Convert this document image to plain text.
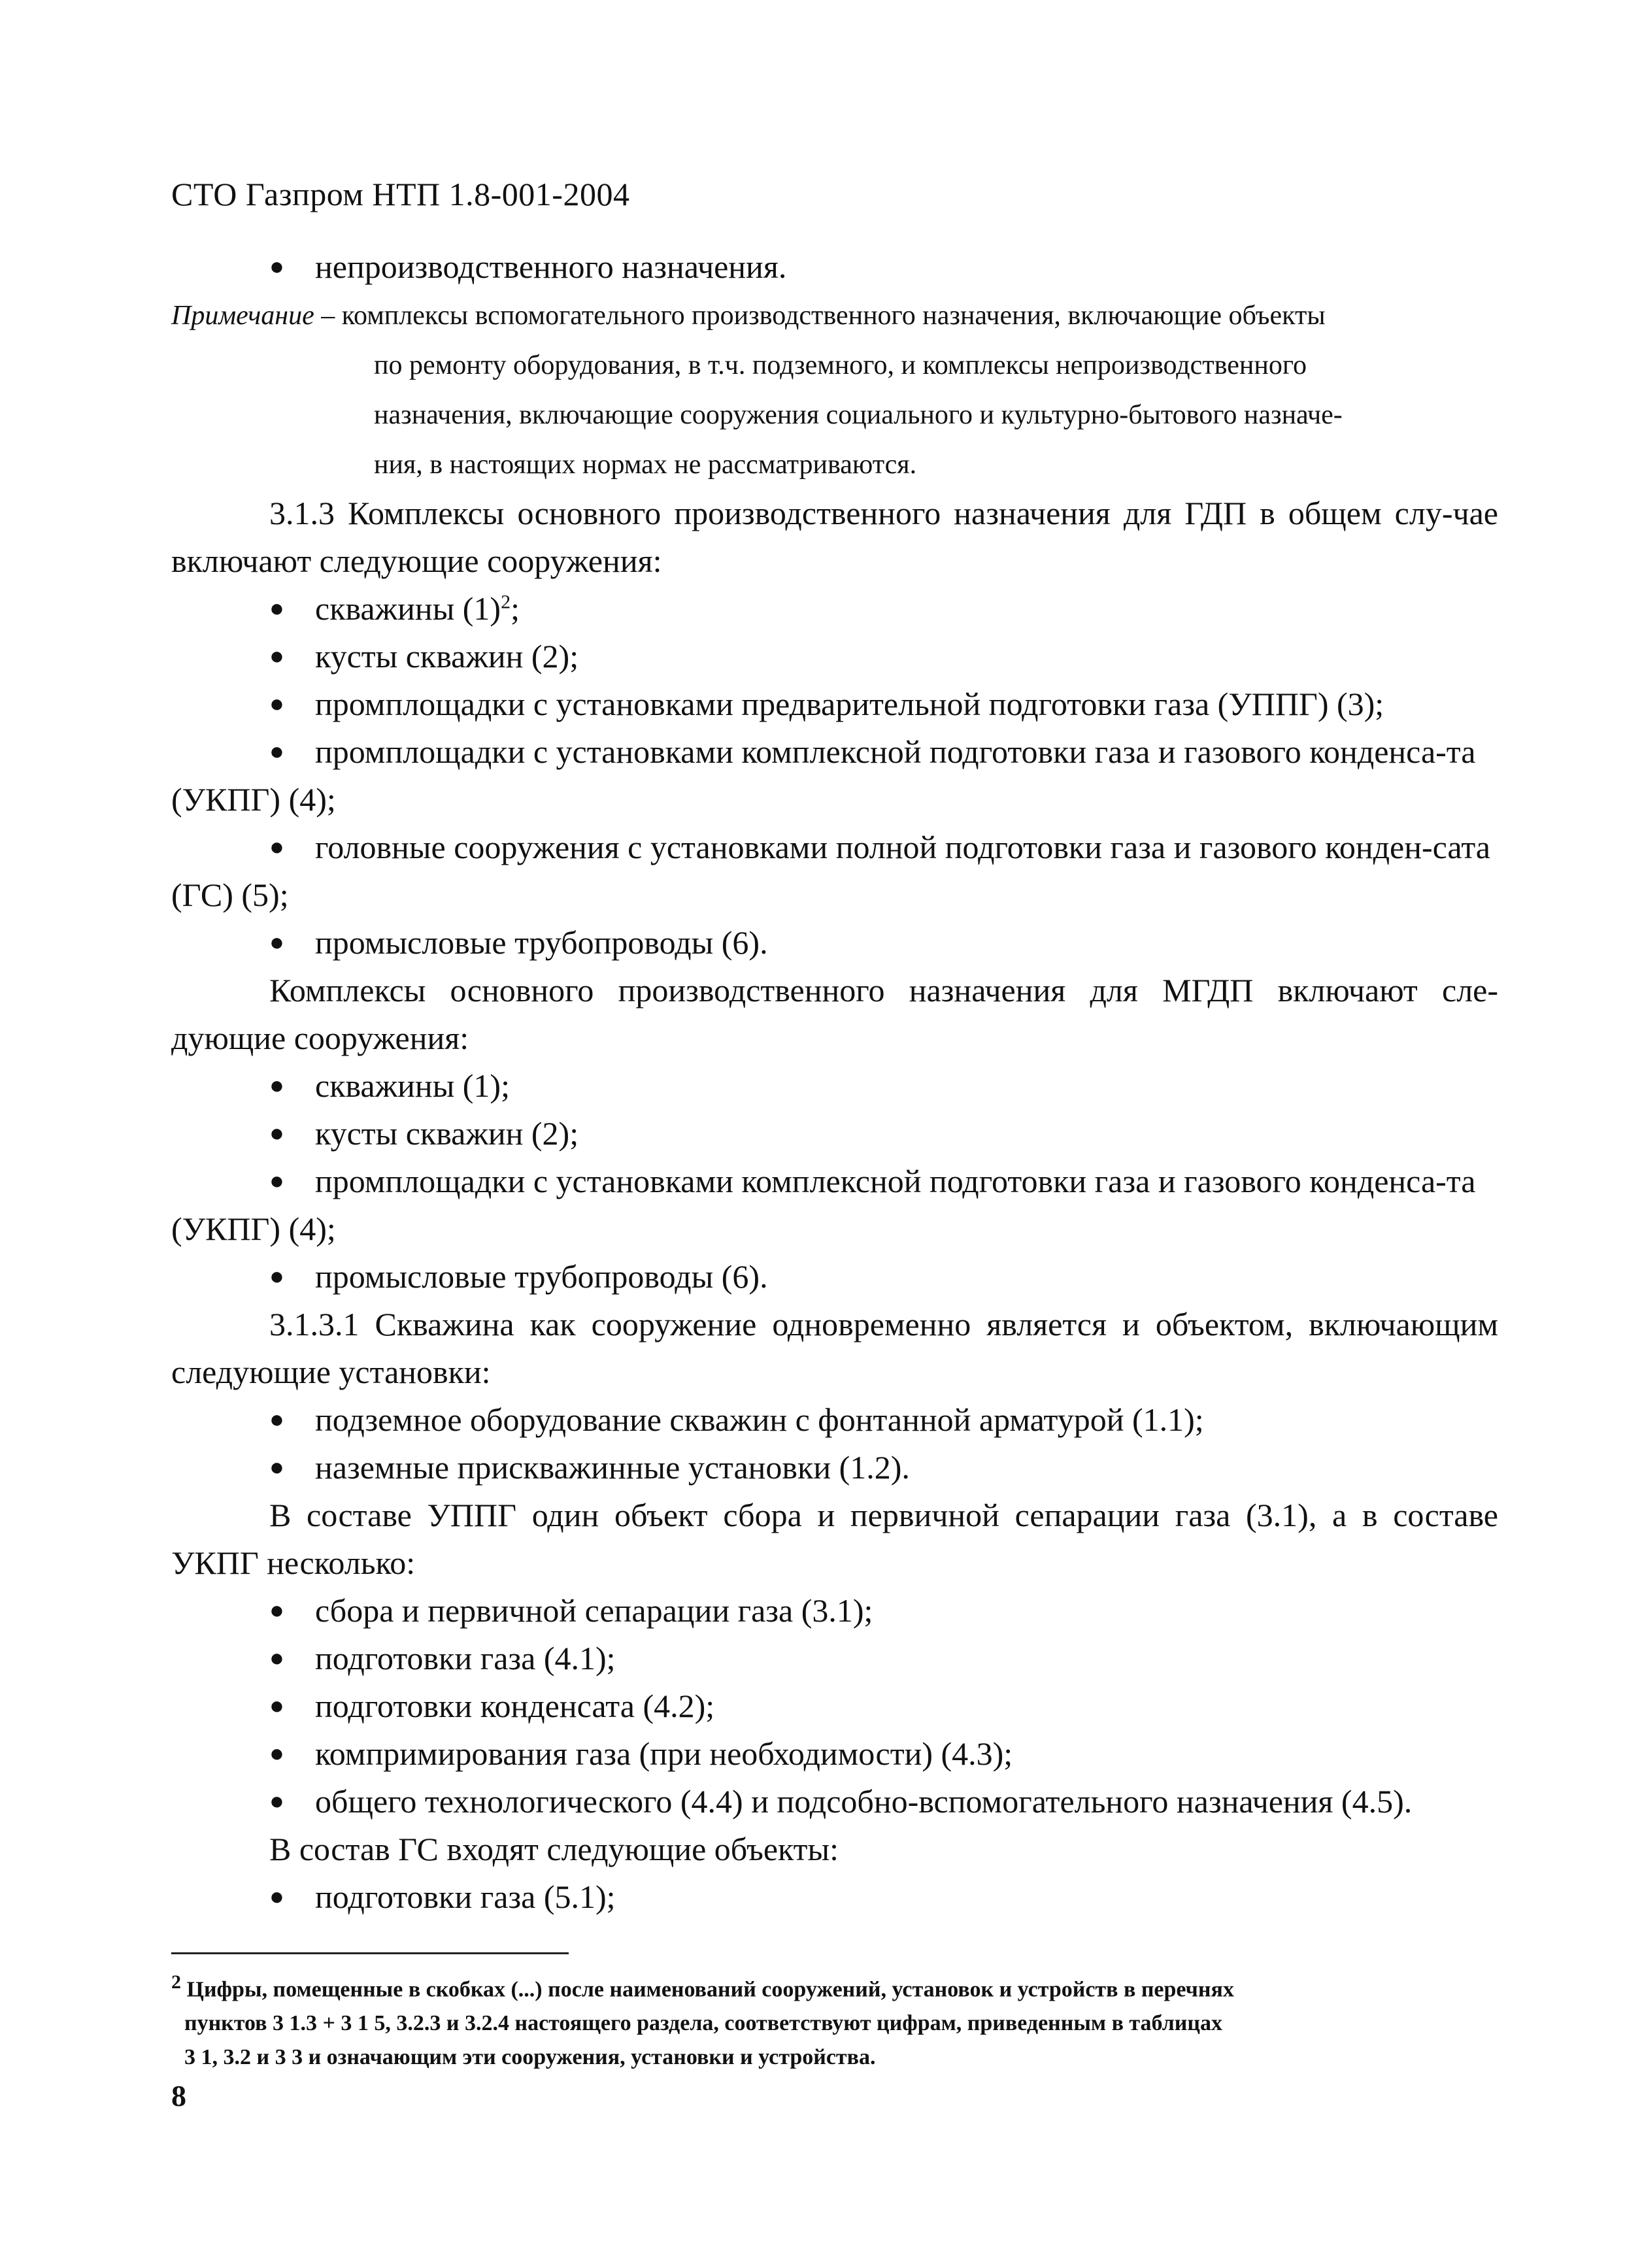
СТО Газпром НТП 1.8-001-2004

● непроизводственного назначения.

Примечание – комплексы вспомогательного производственного назначения, включающие объекты

по ремонту оборудования, в т.ч. подземного, и комплексы непроизводственного

назначения, включающие сооружения социального и культурно-бытового назначе-

ния, в настоящих нормах не рассматриваются.

3.1.3 Комплексы основного производственного назначения для ГДП в общем слу-чае включают следующие сооружения:

● скважины $(1)^2$;

● кусты скважин (2);

● промплощадки с установками предварительной подготовки газа (УППГ) (3);

● промплощадки с установками комплексной подготовки газа и газового конденса-та (УКПГ) (4);

● головные сооружения с установками полной подготовки газа и газового конден-сата (ГС) (5);

● промысловые трубопроводы (6).

Комплексы основного производственного назначения для МГДП включают сле-дующие сооружения:

● скважины (1);

● кусты скважин (2);

● промплощадки с установками комплексной подготовки газа и газового конденса-та (УКПГ) (4);

● промысловые трубопроводы (6).

3.1.3.1 Скважина как сооружение одновременно является и объектом, включающим следующие установки:

● подземное оборудование скважин с фонтанной арматурой (1.1);

● наземные прискважинные установки (1.2).

В составе УППГ один объект сбора и первичной сепарации газа (3.1), а в составе УКПГ несколько:

● сбора и первичной сепарации газа (3.1);

● подготовки газа (4.1);

● подготовки конденсата (4.2);

● компримирования газа (при необходимости) (4.3);

● общего технологического (4.4) и подсобно-вспомогательного назначения (4.5).

В состав ГС входят следующие объекты:

● подготовки газа (5.1);

2 Цифры, помещенные в скобках (...) после наименований сооружений, установок и устройств в перечнях

пунктов 3 1.3 + 3 1 5, 3.2.3 и 3.2.4 настоящего раздела, соответствуют цифрам, приведенным в таблицах

3 1, 3.2 и 3 3 и означающим эти сооружения, установки и устройства.

8
